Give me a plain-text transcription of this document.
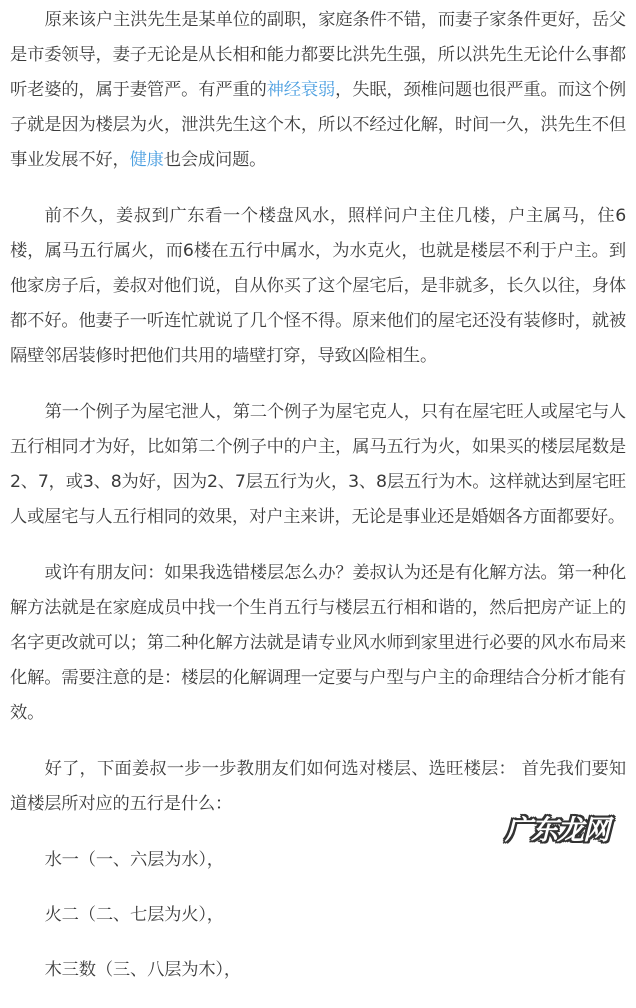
原来该户主洪先生是某单位的副职，家庭条件不错，而妻子家条件更好，岳父是市委领导，妻子无论是从长相和能力都要比洪先生强，所以洪先生无论什么事都听老婆的，属于妻管严。有严重的神经衰弱，失眠，颈椎问题也很严重。而这个例子就是因为楼层为火，泄洪先生这个木，所以不经过化解，时间一久，洪先生不但事业发展不好，健康也会成问题。

前不久，姜叔到广东看一个楼盘风水，照样问户主住几楼，户主属马，住6楼，属马五行属火，而6楼在五行中属水，为水克火，也就是楼层不利于户主。到他家房子后，姜叔对他们说，自从你买了这个屋宅后，是非就多，长久以往，身体都不好。他妻子一听连忙就说了几个怪不得。原来他们的屋宅还没有装修时，就被隔壁邻居装修时把他们共用的墙壁打穿，导致凶险相生。

第一个例子为屋宅泄人，第二个例子为屋宅克人，只有在屋宅旺人或屋宅与人五行相同才为好，比如第二个例子中的户主，属马五行为火，如果买的楼层尾数是2、7，或3、8为好，因为2、7层五行为火，3、8层五行为木。这样就达到屋宅旺人或屋宅与人五行相同的效果，对户主来讲，无论是事业还是婚姻各方面都要好。

或许有朋友问：如果我选错楼层怎么办？姜叔认为还是有化解方法。第一种化解方法就是在家庭成员中找一个生肖五行与楼层五行相和谐的，然后把房产证上的名字更改就可以；第二种化解方法就是请专业风水师到家里进行必要的风水布局来化解。需要注意的是：楼层的化解调理一定要与户型与户主的命理结合分析才能有效。

好了，下面姜叔一步一步教朋友们如何选对楼层、选旺楼层： 首先我们要知道楼层所对应的五行是什么：

水一（一、六层为水），

火二（二、七层为火），

木三数（三、八层为木），

广东龙网
